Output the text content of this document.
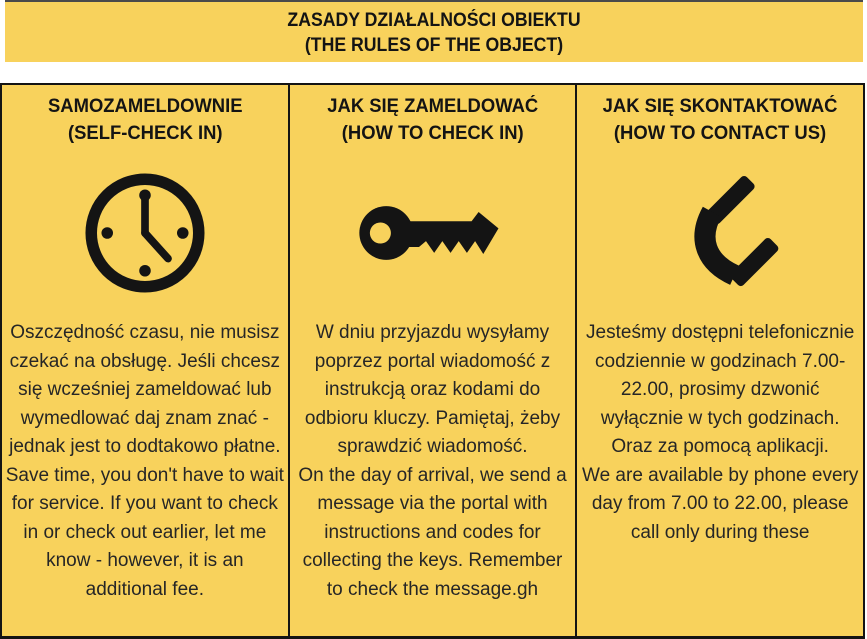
ZASADY DZIAŁALNOŚCI OBIEKTU
(THE RULES OF THE OBJECT)
SAMOZAMELDOWNIE
(SELF-CHECK IN)
Oszczędność czasu, nie musisz czekać na obsługę. Jeśli chcesz się wcześniej zameldować lub wymedlować daj znam znać - jednak jest to dodtakowo płatne.
Save time, you don't have to wait for service. If you want to check in or check out earlier, let me know - however, it is an additional fee.
JAK SIĘ ZAMELDOWAĆ
(HOW TO CHECK IN)
W dniu przyjazdu wysyłamy poprzez portal wiadomość z instrukcją oraz kodami do odbioru kluczy. Pamiętaj, żeby sprawdzić wiadomość.
On the day of arrival, we send a message via the portal with instructions and codes for collecting the keys. Remember to check the message.gh
JAK SIĘ SKONTAKTOWAĆ
(HOW TO CONTACT US)
Jesteśmy dostępni telefonicznie codziennie w godzinach 7.00-22.00, prosimy dzwonić wyłącznie w tych godzinach. Oraz za pomocą aplikacji.
We are available by phone every day from 7.00 to 22.00, please call only during these
